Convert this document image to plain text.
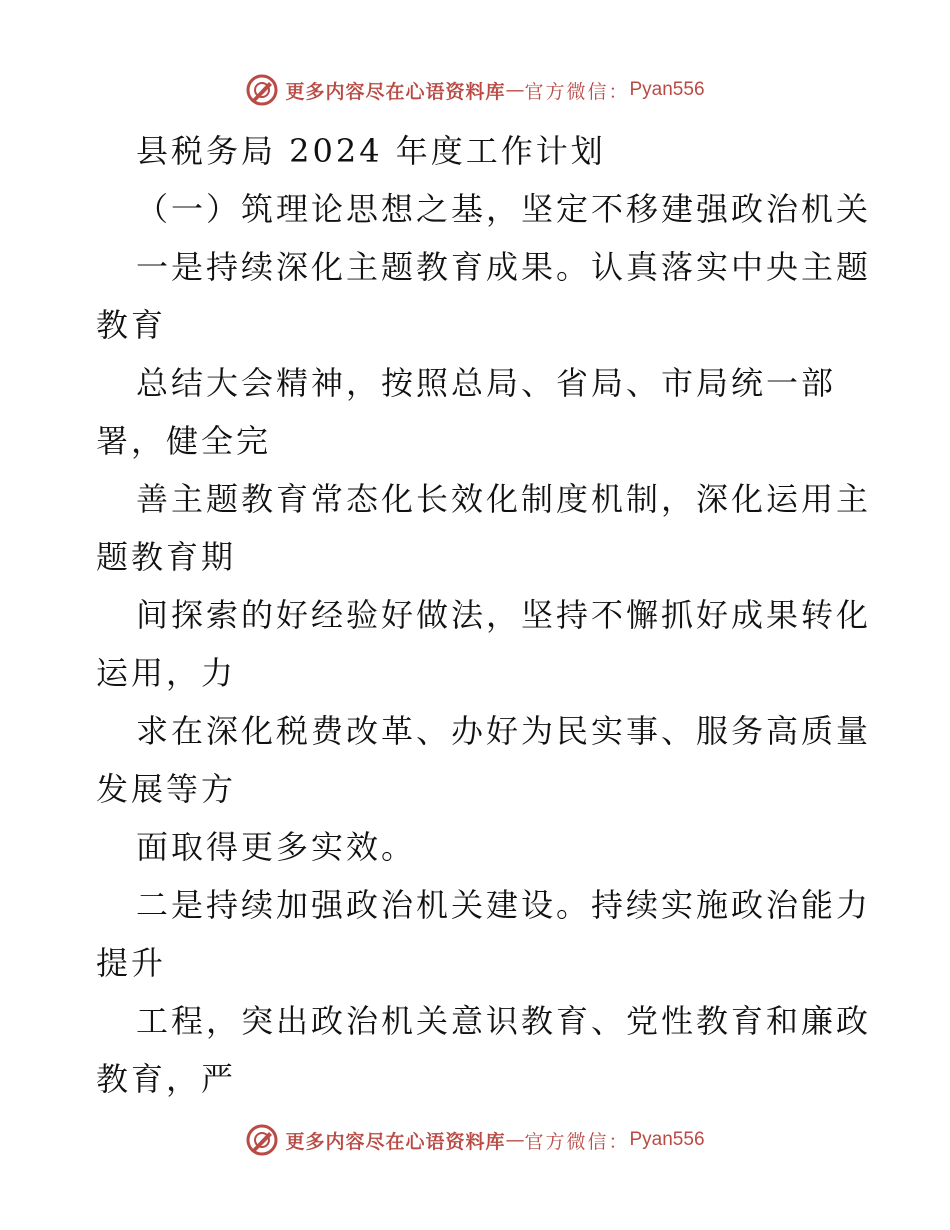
更多内容尽在心语资料库 — 官方微信： Pyan556
县税务局 2024 年度工作计划
（一）筑理论思想之基，坚定不移建强政治机关
一是持续深化主题教育成果。认真落实中央主题
教育
总结大会精神，按照总局、省局、市局统一部
署，健全完
善主题教育常态化长效化制度机制，深化运用主
题教育期
间探索的好经验好做法，坚持不懈抓好成果转化
运用，力
求在深化税费改革、办好为民实事、服务高质量
发展等方
面取得更多实效。
二是持续加强政治机关建设。持续实施政治能力
提升
工程，突出政治机关意识教育、党性教育和廉政
教育，严
更多内容尽在心语资料库 — 官方微信： Pyan556
